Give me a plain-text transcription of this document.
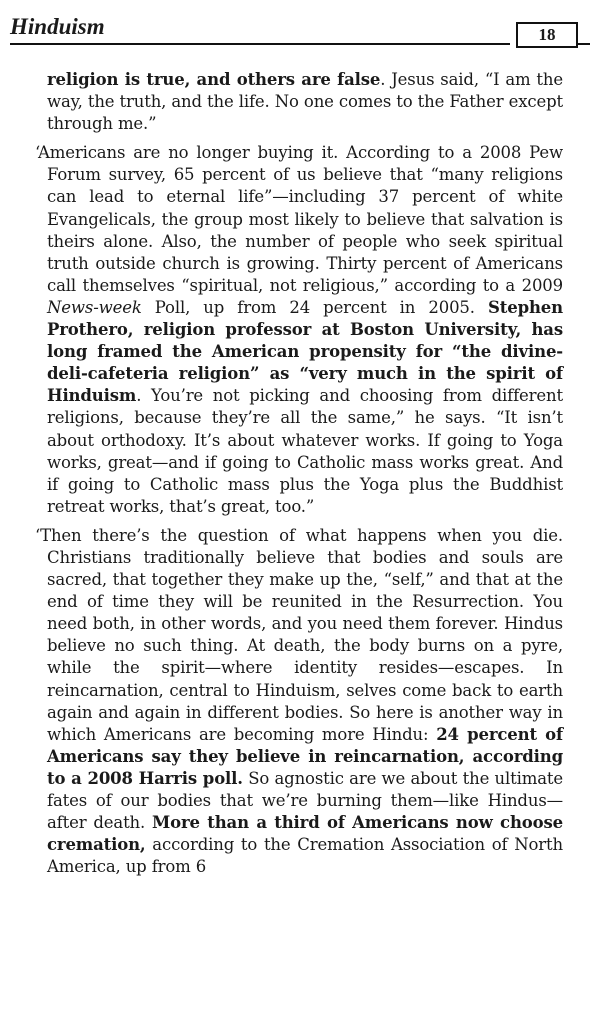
Hinduism	18

religion is true, and others are false. Jesus said, “I am the way, the truth, and the life. No one comes to the Father except through me.”

‘Americans are no longer buying it. According to a 2008 Pew Forum survey, 65 percent of us believe that “many religions can lead to eternal life”—including 37 percent of white Evangelicals, the group most likely to believe that salvation is theirs alone. Also, the number of people who seek spiritual truth outside church is growing. Thirty percent of Americans call themselves “spiritual, not religious,” according to a 2009 News-week Poll, up from 24 percent in 2005. Stephen Prothero, religion professor at Boston University, has long framed the American propensity for “the divine-deli-cafeteria religion” as “very much in the spirit of Hinduism. You’re not picking and choosing from different religions, because they’re all the same,” he says. “It isn’t about orthodoxy. It’s about whatever works. If going to Yoga works, great—and if going to Catholic mass works great. And if going to Catholic mass plus the Yoga plus the Buddhist retreat works, that’s great, too.”

‘Then there’s the question of what happens when you die. Christians traditionally believe that bodies and souls are sacred, that together they make up the, “self,” and that at the end of time they will be reunited in the Resurrection. You need both, in other words, and you need them forever. Hindus believe no such thing. At death, the body burns on a pyre, while the spirit—where identity resides—escapes. In reincarnation, central to Hinduism, selves come back to earth again and again in different bodies. So here is another way in which Americans are becoming more Hindu: 24 percent of Americans say they believe in reincarnation, according to a 2008 Harris poll. So agnostic are we about the ultimate fates of our bodies that we’re burning them—like Hindus—after death. More than a third of Americans now choose cremation, according to the Cremation Association of North America, up from 6
